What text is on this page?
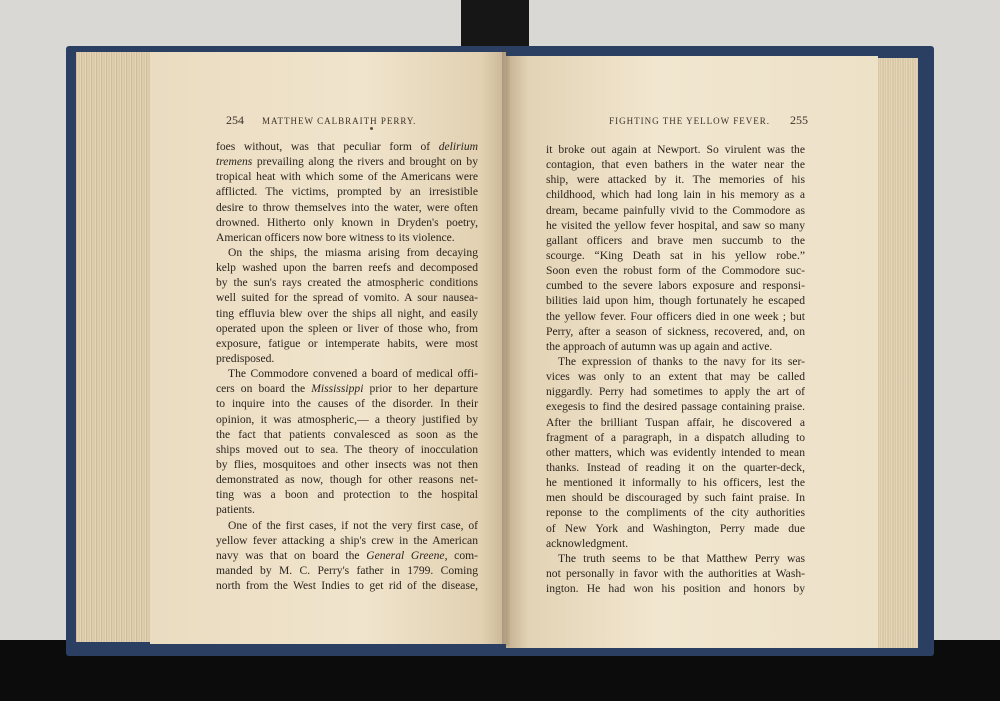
254 MATTHEW CALBRAITH PERRY.	FIGHTING THE YELLOW FEVER. 255
foes without, was that peculiar form of delirium
tremens prevailing along the rivers and brought on by
tropical heat with which some of the Americans were
afflicted. The victims, prompted by an irresistible
desire to throw themselves into the water, were often
drowned. Hitherto only known in Dryden's poetry,
American officers now bore witness to its violence.
On the ships, the miasma arising from decaying
kelp washed upon the barren reefs and decomposed
by the sun's rays created the atmospheric conditions
well suited for the spread of vomito. A sour nausea-
ting effluvia blew over the ships all night, and easily
operated upon the spleen or liver of those who, from
exposure, fatigue or intemperate habits, were most
predisposed.
The Commodore convened a board of medical offi-
cers on board the Mississippi prior to her departure
to inquire into the causes of the disorder. In their
opinion, it was atmospheric,— a theory justified by
the fact that patients convalesced as soon as the
ships moved out to sea. The theory of inocculation
by flies, mosquitoes and other insects was not then
demonstrated as now, though for other reasons net-
ting was a boon and protection to the hospital
patients.
One of the first cases, if not the very first case, of
yellow fever attacking a ship's crew in the American
navy was that on board the General Greene, com-
manded by M. C. Perry's father in 1799. Coming
north from the West Indies to get rid of the disease,
it broke out again at Newport. So virulent was the
contagion, that even bathers in the water near the
ship, were attacked by it. The memories of his
childhood, which had long lain in his memory as a
dream, became painfully vivid to the Commodore as
he visited the yellow fever hospital, and saw so many
gallant officers and brave men succumb to the
scourge. “King Death sat in his yellow robe.”
Soon even the robust form of the Commodore suc-
cumbed to the severe labors exposure and responsi-
bilities laid upon him, though fortunately he escaped
the yellow fever. Four officers died in one week ; but
Perry, after a season of sickness, recovered, and, on
the approach of autumn was up again and active.
The expression of thanks to the navy for its ser-
vices was only to an extent that may be called
niggardly. Perry had sometimes to apply the art of
exegesis to find the desired passage containing praise.
After the brilliant Tuspan affair, he discovered a
fragment of a paragraph, in a dispatch alluding to
other matters, which was evidently intended to mean
thanks. Instead of reading it on the quarter-deck,
he mentioned it informally to his officers, lest the
men should be discouraged by such faint praise. In
reponse to the compliments of the city authorities
of New York and Washington, Perry made due
acknowledgment.
The truth seems to be that Matthew Perry was
not personally in favor with the authorities at Wash-
ington. He had won his position and honors by
